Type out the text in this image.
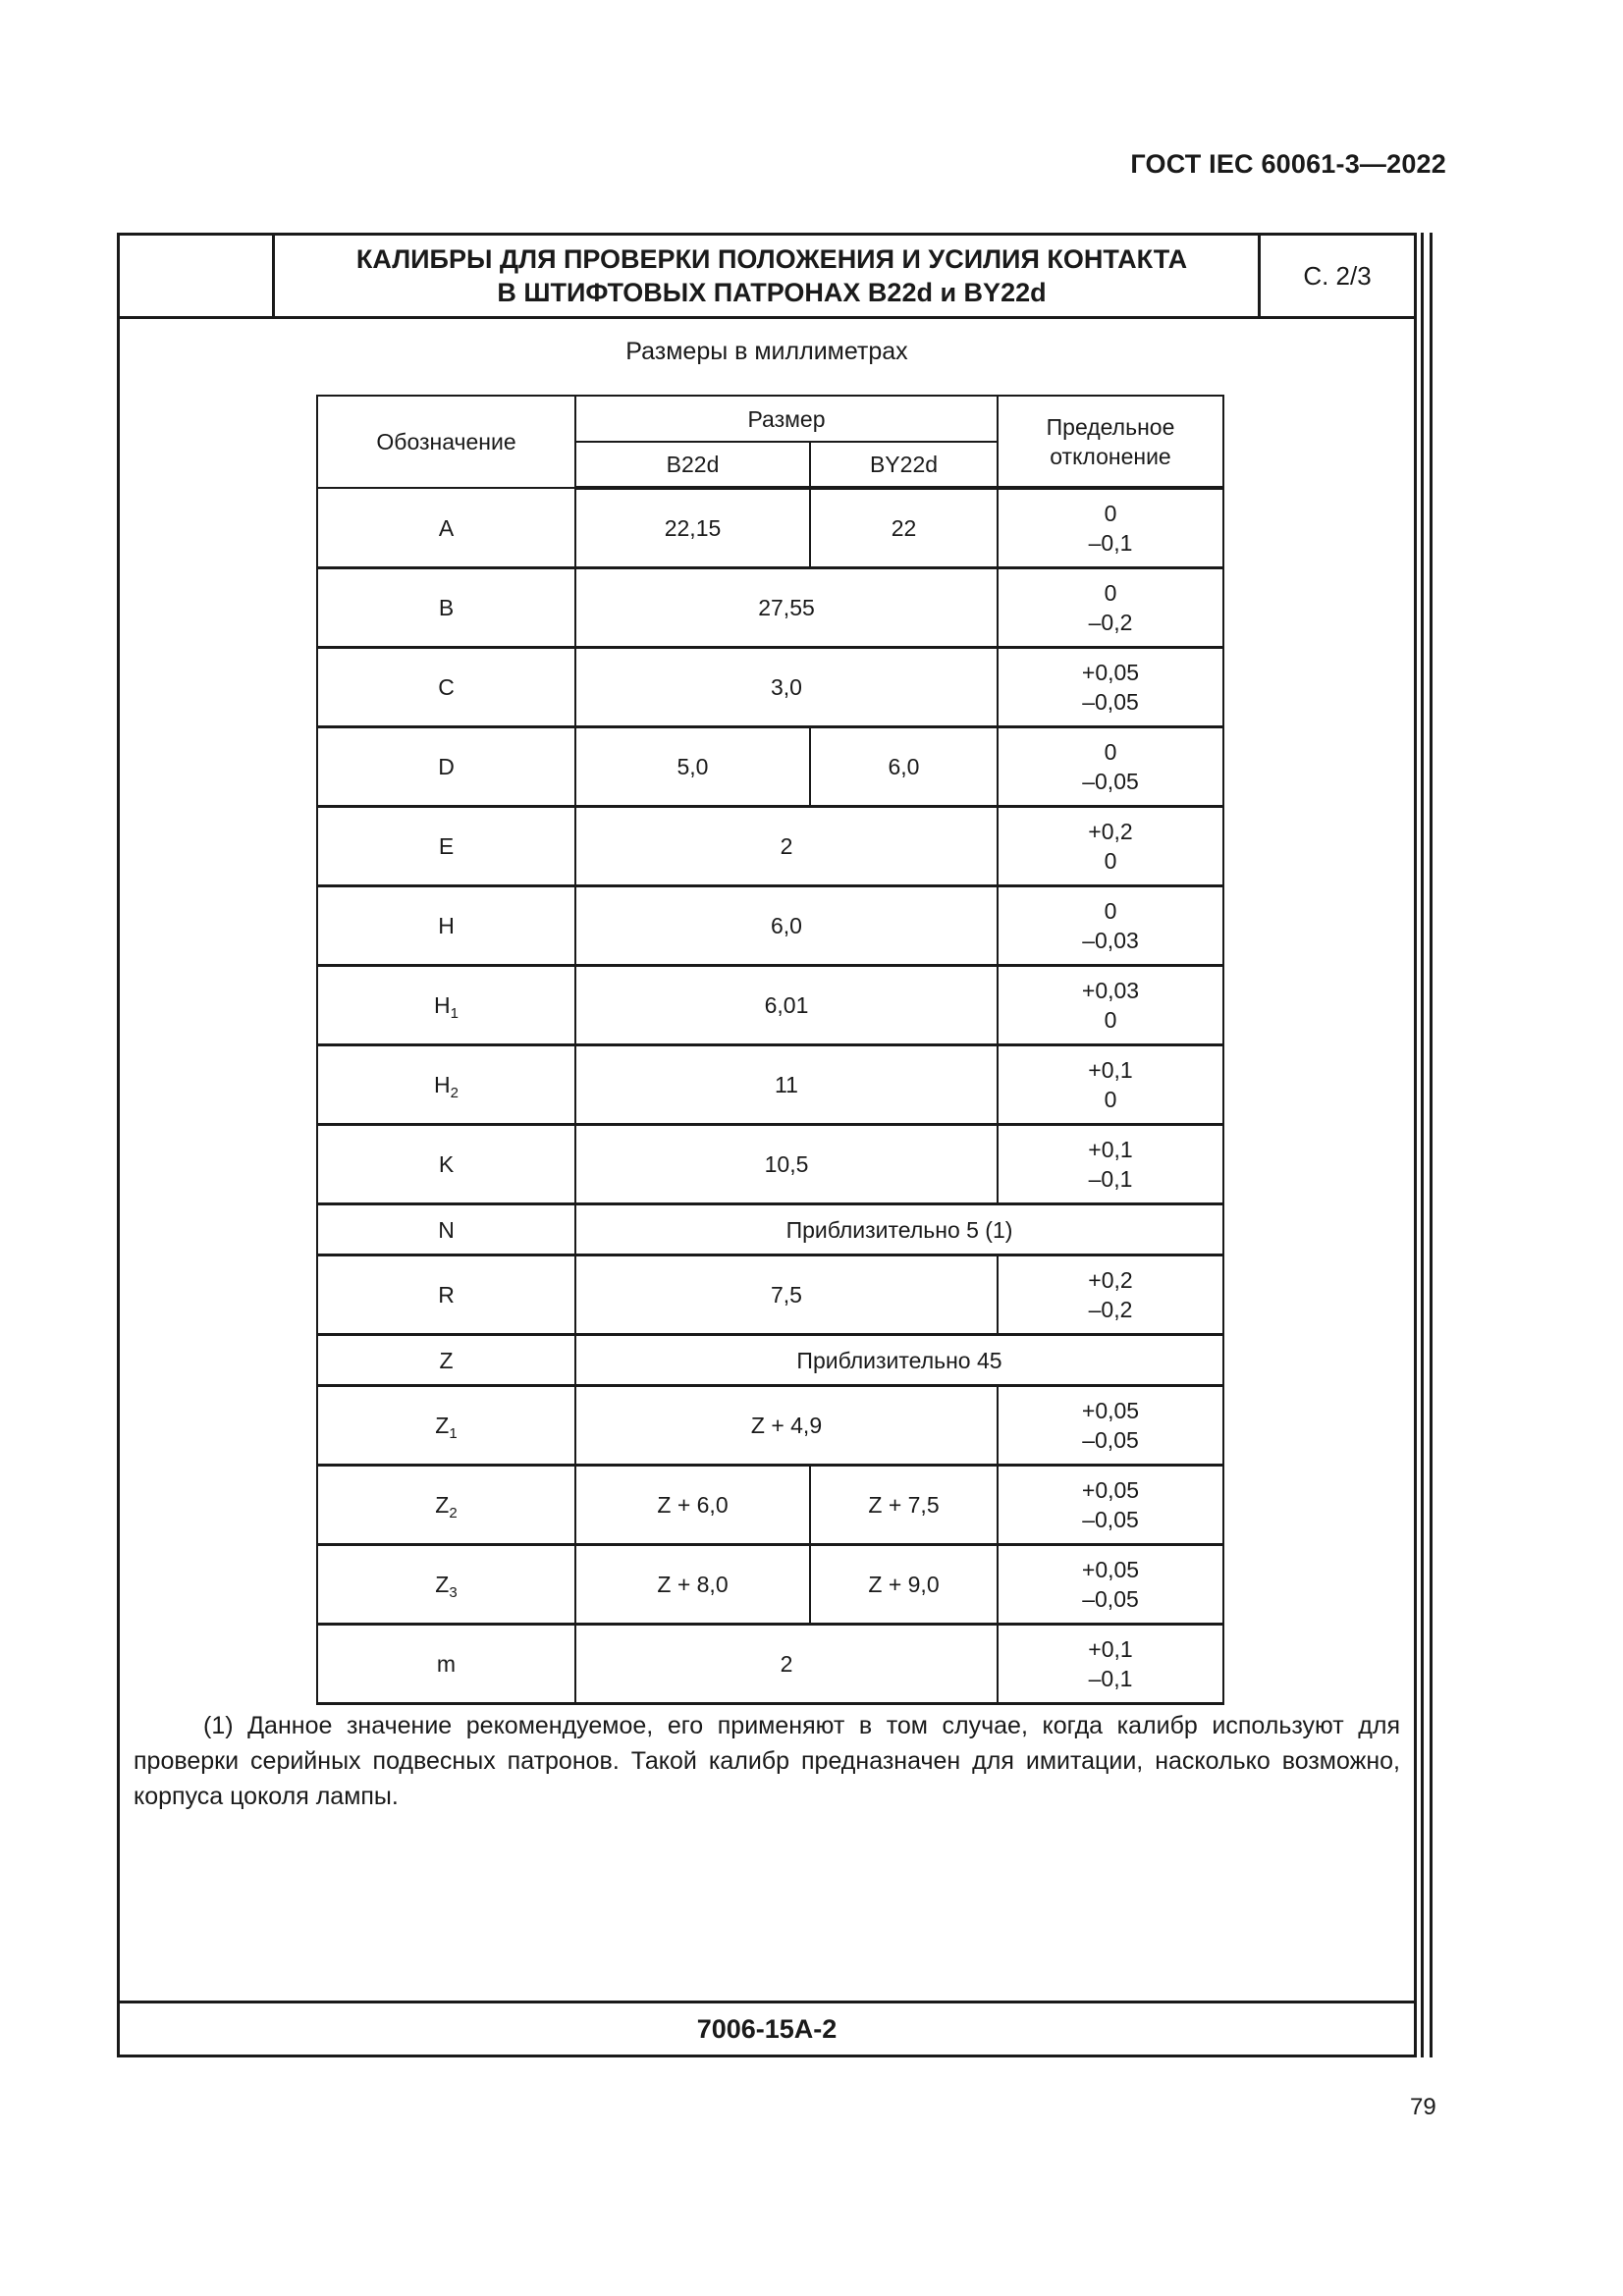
ГОСТ IEC 60061-3—2022
КАЛИБРЫ ДЛЯ ПРОВЕРКИ ПОЛОЖЕНИЯ И УСИЛИЯ КОНТАКТА
В ШТИФТОВЫХ ПАТРОНАХ B22d и BY22d
С. 2/3
Размеры в миллиметрах
Обозначение	Размер		Предельное отклонение
	B22d	BY22d	
A	22,15	22	0
–0,1

B	27,55		0
–0,2

C	3,0		+0,05
–0,05

D	5,0	6,0	0
–0,05

E	2		+0,2
0

H	6,0		0
–0,03

$H_1$	6,01		+0,03
0

$H_2$	11		+0,1
0

K	10,5		+0,1
–0,1

N	Приблизительно 5 (1)		
R	7,5		+0,2
–0,2

Z	Приблизительно 45		
$Z_1$	Z + 4,9		+0,05
–0,05

$Z_2$	Z + 6,0	Z + 7,5	+0,05
–0,05

$Z_3$	Z + 8,0	Z + 9,0	+0,05
–0,05

m	2		+0,1
–0,1
(1) Данное значение рекомендуемое, его применяют в том случае, когда калибр используют для проверки серийных подвесных патронов. Такой калибр предназначен для имитации, насколько возможно, корпуса цоколя лампы.
7006-15A-2
79
